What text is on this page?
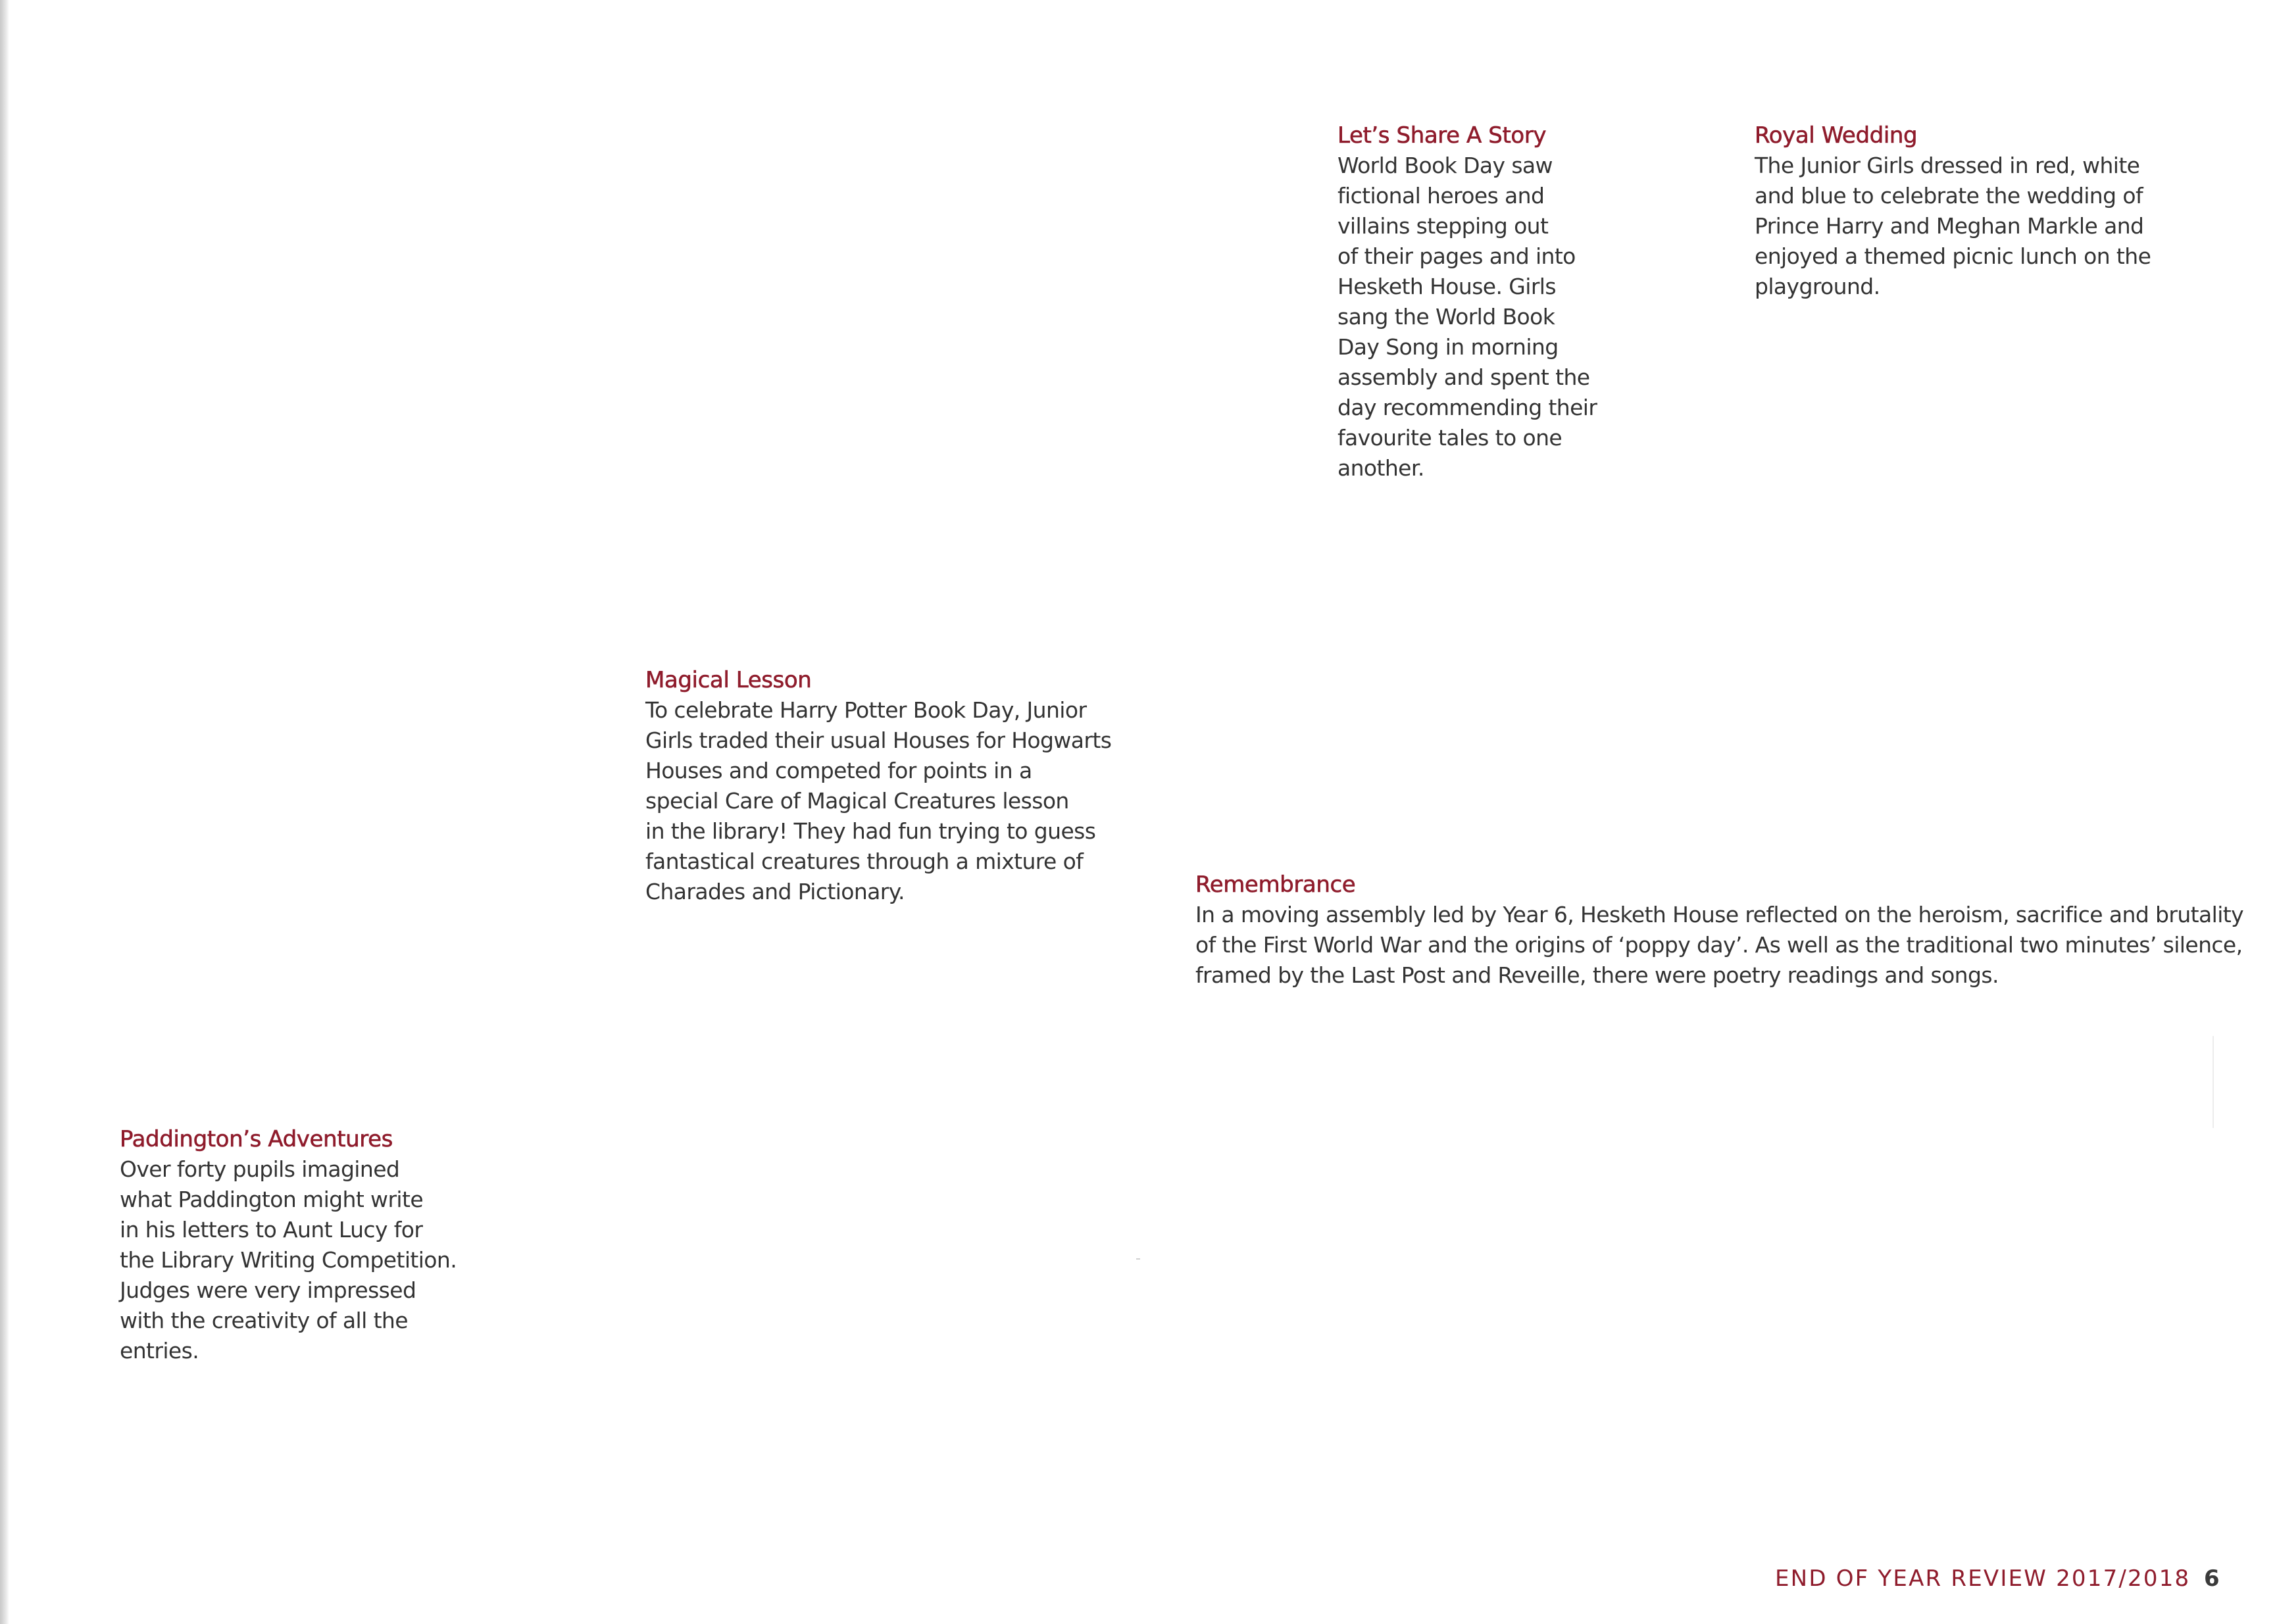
Let’s Share A Story

World Book Day saw
fictional heroes and
villains stepping out
of their pages and into
Hesketh House. Girls
sang the World Book
Day Song in morning
assembly and spent the
day recommending their
favourite tales to one
another.

Royal Wedding

The Junior Girls dressed in red, white
and blue to celebrate the wedding of
Prince Harry and Meghan Markle and
enjoyed a themed picnic lunch on the
playground.

Magical Lesson

To celebrate Harry Potter Book Day, Junior
Girls traded their usual Houses for Hogwarts
Houses and competed for points in a
special Care of Magical Creatures lesson
in the library! They had fun trying to guess
fantastical creatures through a mixture of
Charades and Pictionary.	Remembrance

In a moving assembly led by Year 6, Hesketh House reflected on the heroism, sacrifice and brutality
of the First World War and the origins of ‘poppy day’. As well as the traditional two minutes’ silence,
framed by the Last Post and Reveille, there were poetry readings and songs.

Paddington’s Adventures

Over forty pupils imagined
what Paddington might write
in his letters to Aunt Lucy for
the Library Writing Competition.
Judges were very impressed
with the creativity of all the
entries.

END OF YEAR REVIEW 2017/2018 6
